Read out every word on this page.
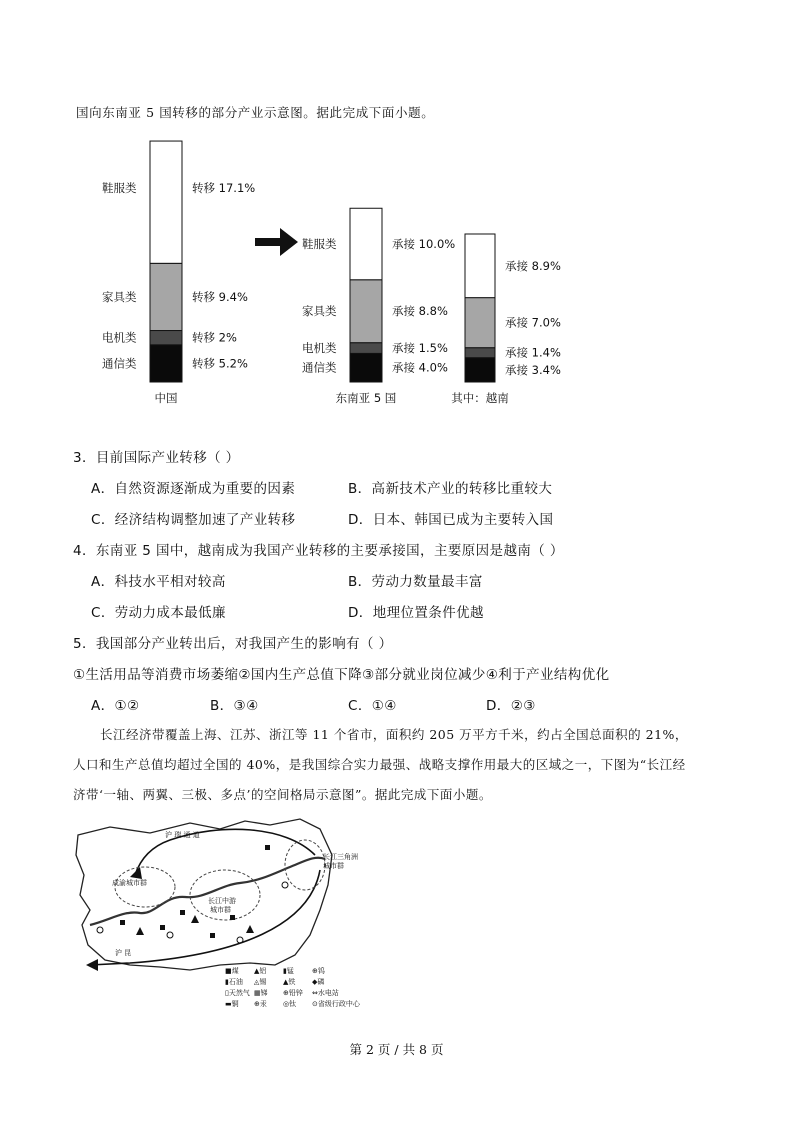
国向东南亚 5 国转移的部分产业示意图。据此完成下面小题。
转移 5.2%
通信类
转移 2%
电机类
转移 9.4%
家具类
转移 17.1%
鞋服类
中国
承接 4.0%
通信类
承接 1.5%
电机类
承接 8.8%
家具类
承接 10.0%
鞋服类
东南亚 5 国
承接 3.4%
承接 1.4%
承接 7.0%
承接 8.9%
其中：越南
3．目前国际产业转移（ ）
A．自然资源逐渐成为重要的因素	B．高新技术产业的转移比重较大
C．经济结构调整加速了产业转移	D．日本、韩国已成为主要转入国
4．东南亚 5 国中，越南成为我国产业转移的主要承接国，主要原因是越南（ ）
A．科技水平相对较高	B．劳动力数量最丰富
C．劳动力成本最低廉	D．地理位置条件优越
5．我国部分产业转出后，对我国产生的影响有（ ）
①生活用品等消费市场萎缩②国内生产总值下降③部分就业岗位减少④利于产业结构优化
A．①②	B．③④	C．①④	D．②③
长江经济带覆盖上海、江苏、浙江等 11 个省市，面积约 205 万平方千米，约占全国总面积的 21%，
人口和生产总值均超过全国的 40%，是我国综合实力最强、战略支撑作用最大的区域之一，下图为“长江经
济带‘一轴、两翼、三极、多点’的空间格局示意图”。据此完成下面小题。
沪 瑞 通 道
沪 昆
成渝城市群
长江中游
城市群
长江三角洲
城市群
■煤 ▲铝 ▮锰	⊕钨
▮石油 ◬锡 ▲铁 ◆磷
▯天然气 ▦锑 ⊕铅锌 ⇔水电站
▬铜 ⊕汞 ◎钛 ⊙省级行政中心
第 2 页 / 共 8 页
